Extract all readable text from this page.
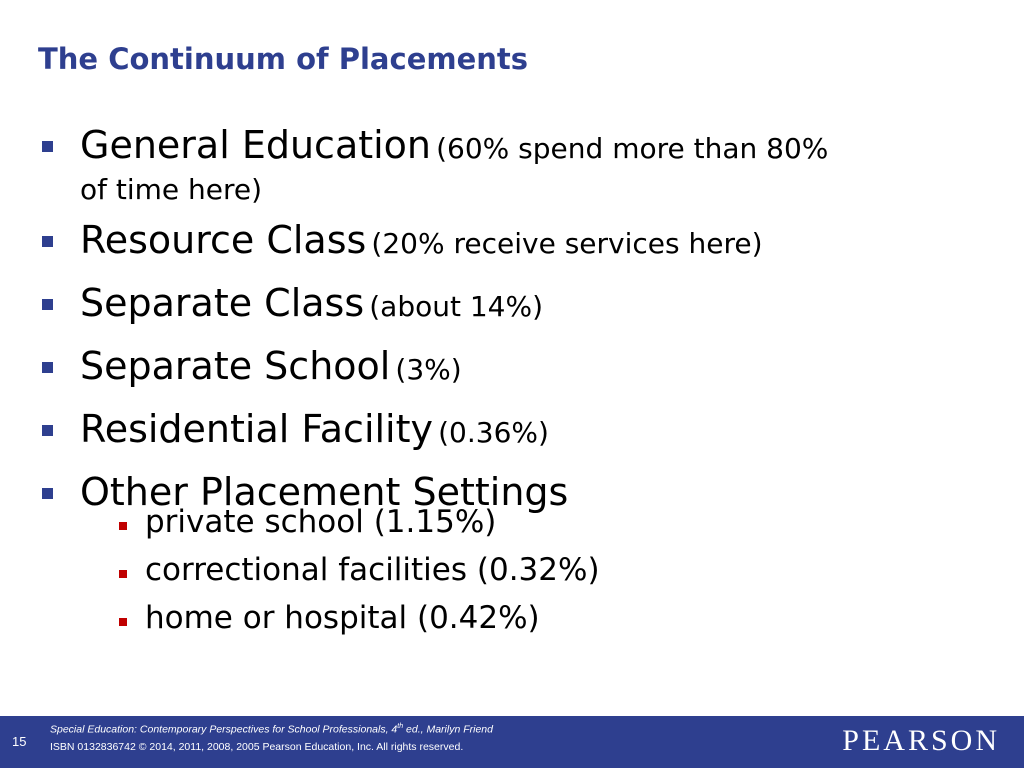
The Continuum of Placements
General Education (60% spend more than 80%
of time here)
Resource Class (20% receive services here)
Separate Class (about 14%)
Separate School (3%)
Residential Facility (0.36%)
Other Placement Settings
private school (1.15%)
correctional facilities (0.32%)
home or hospital (0.42%)
15
Special Education: Contemporary Perspectives for School Professionals, 4th ed., Marilyn Friend
ISBN 0132836742 © 2014, 2011, 2008, 2005 Pearson Education, Inc. All rights reserved.	PEARSON
